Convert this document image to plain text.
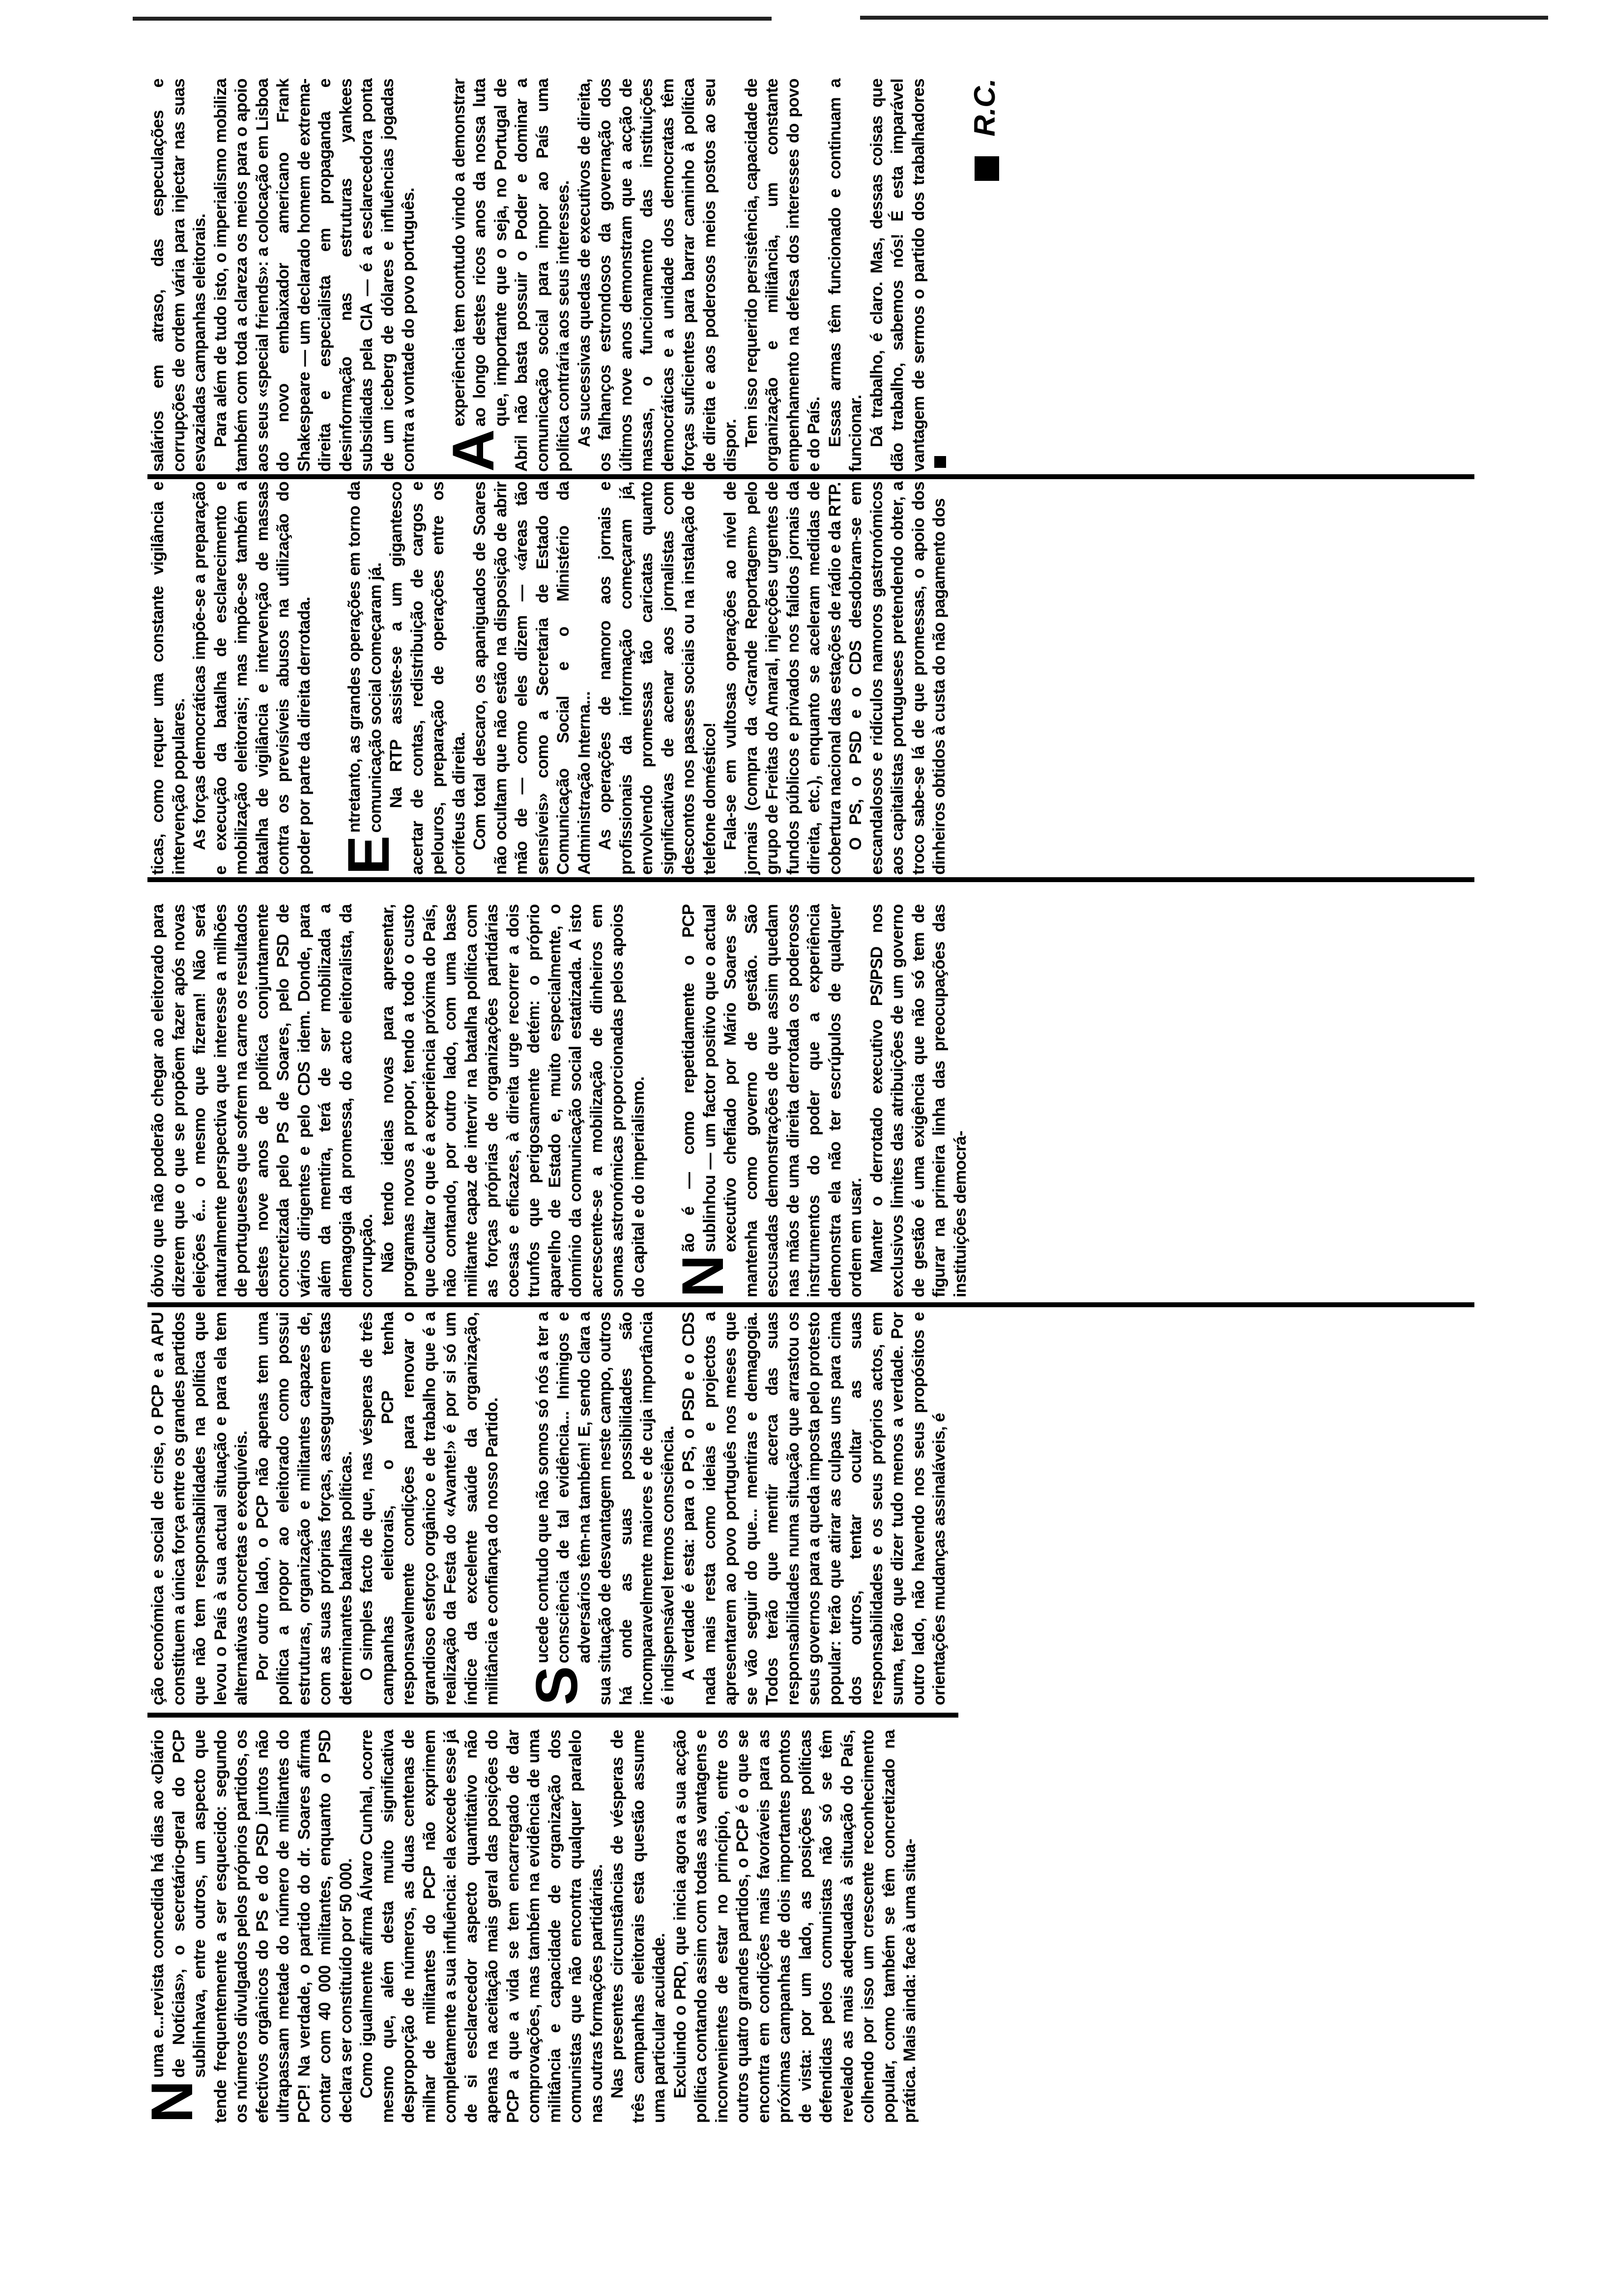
N

uma e...revista concedida há dias ao «Diário de Notícias», o secretário-geral do PCP sublinhava, entre outros, um aspecto que tende frequentemente a ser esquecido: segundo os números divulgados pelos próprios partidos, os efectivos orgânicos do PS e do PSD juntos não ultrapassam metade do número de militantes do PCP! Na verdade, o partido do dr. Soares afirma contar com 40 000 militantes, enquanto o PSD declara ser constituído por 50 000. Como igualmente afirma Álvaro Cunhal, ocorre mesmo que, além desta muito significativa desproporção de números, as duas centenas de milhar de militantes do PCP não exprimem completamente a sua influência: ela excede esse já de si esclarecedor aspecto quantitativo não apenas na aceitação mais geral das posições do PCP a que a vida se tem encarregado de dar comprovações, mas também na evidência de uma militância e capacidade de organização dos comunistas que não encontra qualquer paralelo nas outras formações partidárias. Nas presentes circunstâncias de vésperas de três campanhas eleitorais esta questão assume uma particular acuidade. Excluindo o PRD, que inicia agora a sua acção política contando assim com todas as vantagens e inconvenientes de estar no princípio, entre os outros quatro grandes partidos, o PCP é o que se encontra em condições mais favoráveis para as próximas campanhas de dois importantes pontos de vista: por um lado, as posições políticas defendidas pelos comunistas não só se têm revelado as mais adequadas à situação do País, colhendo por isso um crescente reconhecimento popular, como também se têm concretizado na prática. Mais ainda: face à uma situa-

ção económica e social de crise, o PCP e a APU constituem a única força entre os grandes partidos que não tem responsabilidades na política que levou o País à sua actual situação e para ela tem alternativas concretas e exequíveis. Por outro lado, o PCP não apenas tem uma política a propor ao eleitorado como possui estruturas, organização e militantes capazes de, com as suas próprias forças, assegurarem estas determinantes batalhas políticas. O simples facto de que, nas vésperas de três campanhas eleitorais, o PCP tenha responsavelmente condições para renovar o grandioso esforço orgânico e de trabalho que é a realização da Festa do «Avante!» é por si só um índice da excelente saúde da organização, militância e confiança do nosso Partido. S

ucede contudo que não somos só nós a ter a consciência de tal evidência... Inimigos e adversários têm-na também! E, sendo clara a sua situação de desvantagem neste campo, outros há onde as suas possibilidades são incomparavelmente maiores e de cuja importância é indispensável termos consciência. A verdade é esta: para o PS, o PSD e o CDS nada mais resta como ideias e projectos a apresentarem ao povo português nos meses que se vão seguir do que... mentiras e demagogia. Todos terão que mentir acerca das suas responsabilidades numa situação que arrastou os seus governos para a queda imposta pelo protesto popular: terão que atirar as culpas uns para cima dos outros, tentar ocultar as suas responsabilidades e os seus próprios actos, em suma, terão que dizer tudo menos a verdade. Por outro lado, não havendo nos seus propósitos e orientações mudanças assinaláveis, é

óbvio que não poderão chegar ao eleitorado para dizerem que o que se propõem fazer após novas eleições é... o mesmo que fizeram! Não será naturalmente perspectiva que interesse a milhões de portugueses que sofrem na carne os resultados destes nove anos de política conjuntamente concretizada pelo PS de Soares, pelo PSD de vários dirigentes e pelo CDS idem. Donde, para além da mentira, terá de ser mobilizada a demagogia da promessa, do acto eleitoralista, da corrupção. Não tendo ideias novas para apresentar, programas novos a propor, tendo a todo o custo que ocultar o que é a experiência próxima do País, não contando, por outro lado, com uma base militante capaz de intervir na batalha política com as forças próprias de organizações partidárias coesas e eficazes, à direita urge recorrer a dois trunfos que perigosamente detém: o próprio aparelho de Estado e, muito especialmente, o domínio da comunicação social estatizada. A isto acrescente-se a mobilização de dinheiros em somas astronómicas proporcionadas pelos apoios do capital e do imperialismo. N

ão é — como repetidamente o PCP sublinhou — um factor positivo que o actual executivo chefiado por Mário Soares se mantenha como governo de gestão. São escusadas demonstrações de que assim quedam nas mãos de uma direita derrotada os poderosos instrumentos do poder que a experiência demonstra ela não ter escrúpulos de qualquer ordem em usar. Manter o derrotado executivo PS/PSD nos exclusivos limites das atribuições de um governo de gestão é uma exigência que não só tem de figurar na primeira linha das preocupações das instituições democrá-

ticas, como requer uma constante vigilância e intervenção populares. As forças democráticas impõe-se a preparação e execução da batalha de esclarecimento e mobilização eleitorais; mas impõe-se também a batalha de vigilância e intervenção de massas contra os previsíveis abusos na utilização do poder por parte da direita derrotada. E

ntretanto, as grandes operações em torno da comunicação social começaram já. Na RTP assiste-se a um gigantesco acertar de contas, redistribuição de cargos e pelouros, preparação de operações entre os corifeus da direita. Com total descaro, os apaniguados de Soares não ocultam que não estão na disposição de abrir mão de — como eles dizem — «áreas tão sensíveis» como a Secretaria de Estado da Comunicação Social e o Ministério da Administração Interna... As operações de namoro aos jornais e profissionais da informação começaram já, envolvendo promessas tão caricatas quanto significativas de acenar aos jornalistas com descontos nos passes sociais ou na instalação de telefone doméstico! Fala-se em vultosas operações ao nível de jornais (compra da «Grande Reportagem» pelo grupo de Freitas do Amaral, injecções urgentes de fundos públicos e privados nos falidos jornais da direita, etc.), enquanto se aceleram medidas de cobertura nacional das estações de rádio e da RTP. O PS, o PSD e o CDS desdobram-se em escandalosos e ridículos namoros gastronómicos aos capitalistas portugueses pretendendo obter, a troco sabe-se lá de que promessas, o apoio dos dinheiros obtidos à custa do não pagamento dos

salários em atraso, das especulações e corrupções de ordem vária para injectar nas suas esvaziadas campanhas eleitorais. Para além de tudo isto, o imperialismo mobiliza também com toda a clareza os meios para o apoio aos seus «special friends»: a colocação em Lisboa do novo embaixador americano Frank Shakespeare — um declarado homem de extrema-direita e especialista em propaganda e desinformação nas estruturas yankees subsidiadas pela CIA — é a esclarecedora ponta de um iceberg de dólares e influências jogadas contra a vontade do povo português. A

experiência tem contudo vindo a demonstrar ao longo destes ricos anos da nossa luta que, importante que o seja, no Portugal de Abril não basta possuir o Poder e dominar a comunicação social para impor ao País uma política contrária aos seus interesses. As sucessivas quedas de executivos de direita, os falhanços estrondosos da governação dos últimos nove anos demonstram que a acção de massas, o funcionamento das instituições democráticas e a unidade dos democratas têm forças suficientes para barrar caminho à política de direita e aos poderosos meios postos ao seu dispor. Tem isso requerido persistência, capacidade de organização e militância, um constante empenhamento na defesa dos interesses do povo e do País. Essas armas têm funcionado e continuam a funcionar. Dá trabalho, é claro. Mas, dessas coisas que dão trabalho, sabemos nós! É esta imparável vantagem de sermos o partido dos trabalhadores	R.C.
